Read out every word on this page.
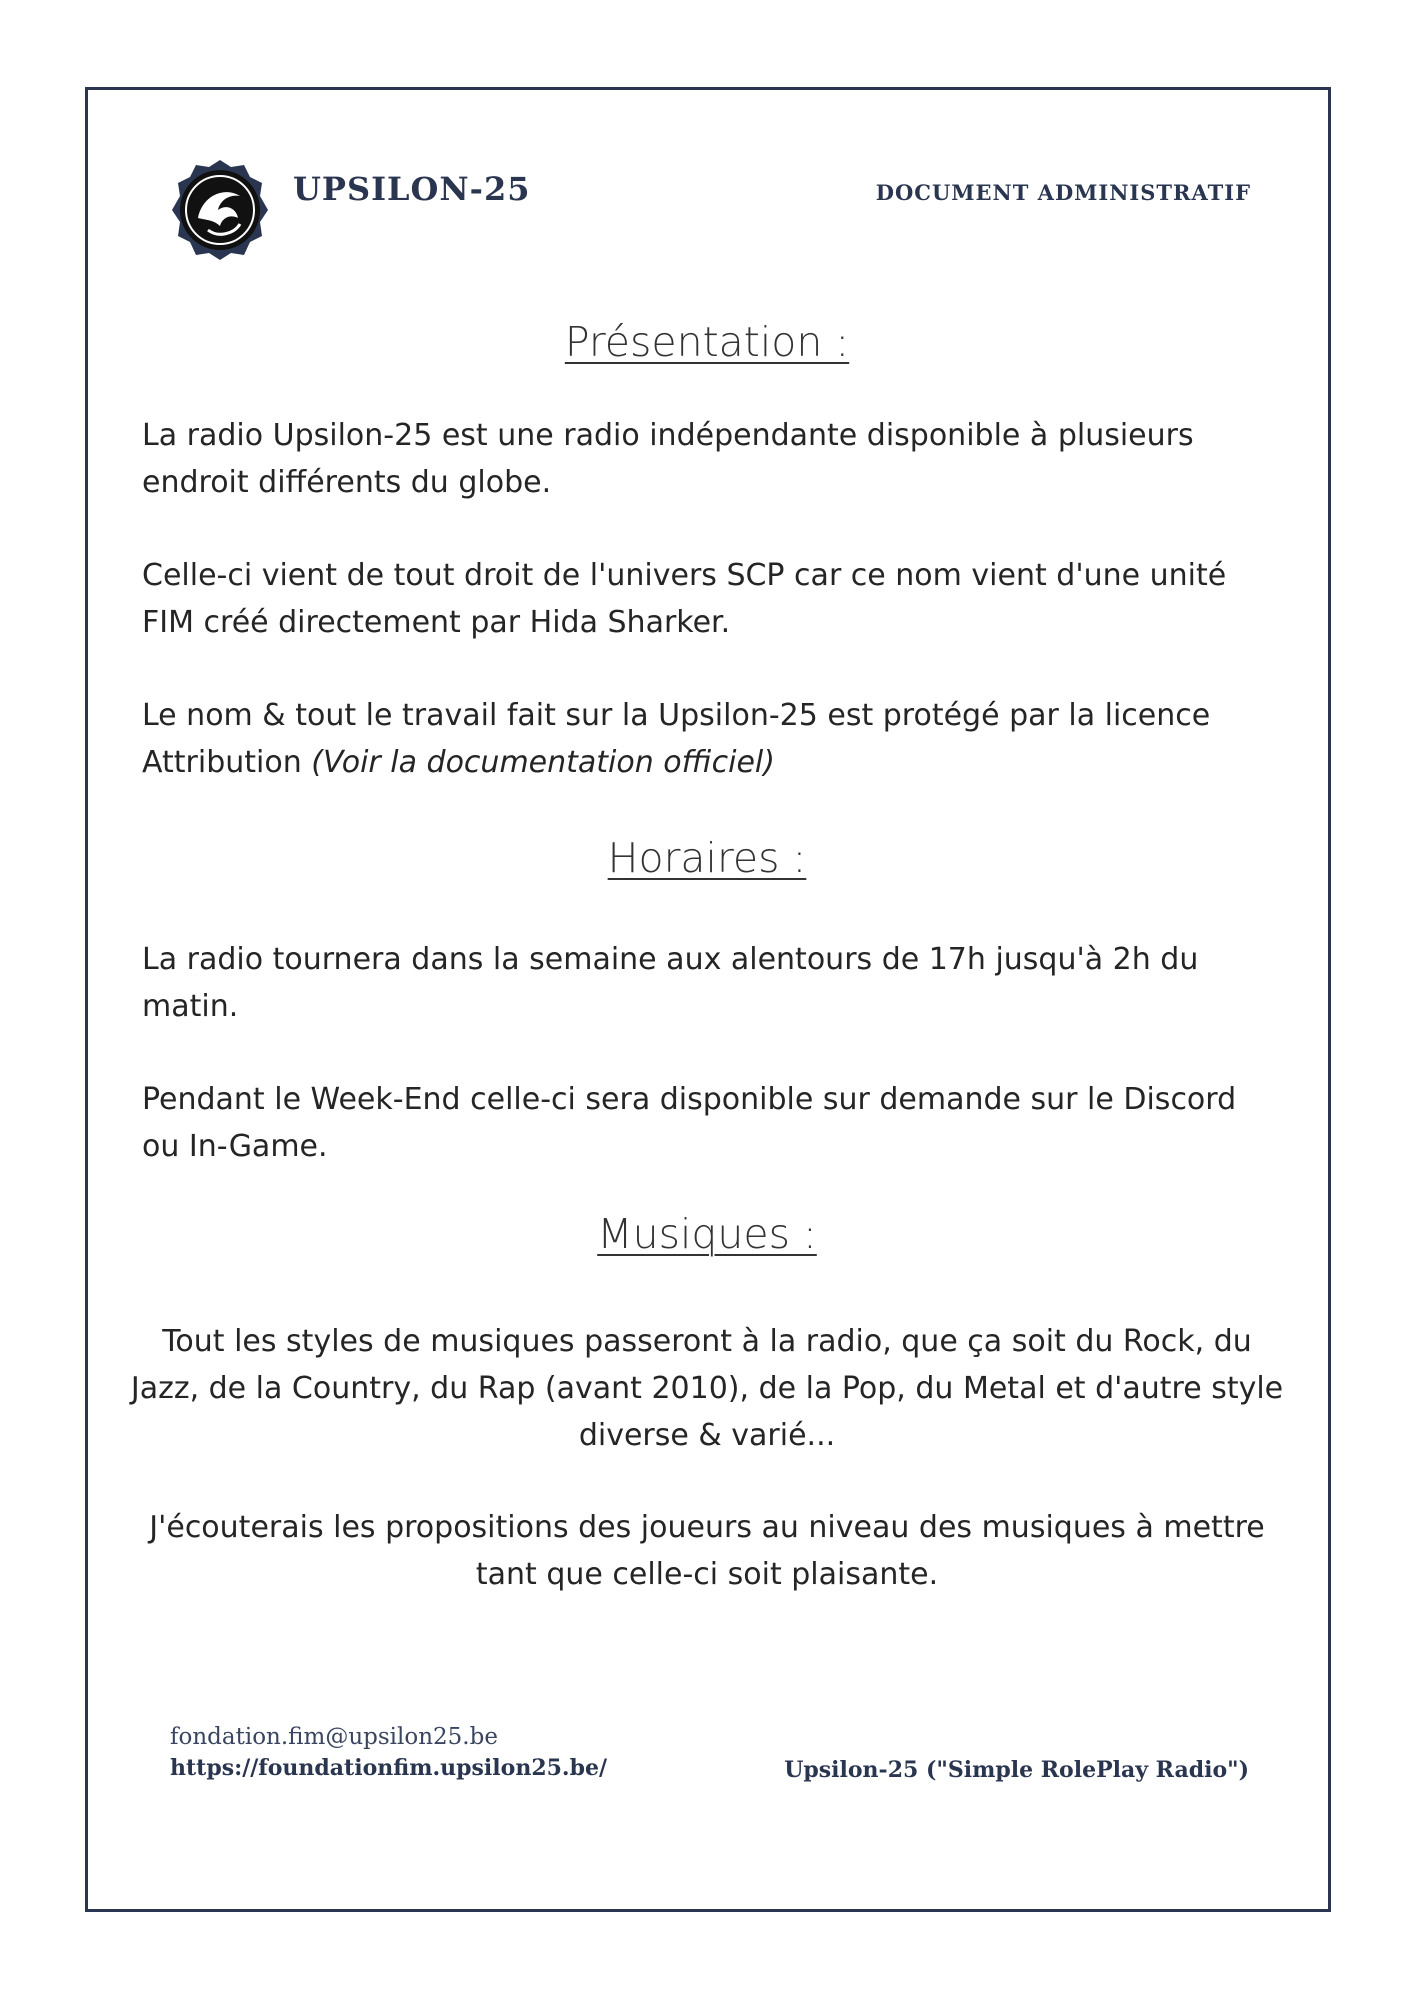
UPSILON-25	DOCUMENT ADMINISTRATIF
Présentation :
La radio Upsilon-25 est une radio indépendante disponible à plusieurs endroit différents du globe.
Celle-ci vient de tout droit de l'univers SCP car ce nom vient d'une unité FIM créé directement par Hida Sharker.
Le nom & tout le travail fait sur la Upsilon-25 est protégé par la licence Attribution (Voir la documentation officiel)
Horaires :
La radio tournera dans la semaine aux alentours de 17h jusqu'à 2h du matin.
Pendant le Week-End celle-ci sera disponible sur demande sur le Discord ou In-Game.
Musiques :
Tout les styles de musiques passeront à la radio, que ça soit du Rock, du Jazz, de la Country, du Rap (avant 2010), de la Pop, du Metal et d'autre style diverse & varié...
J'écouterais les propositions des joueurs au niveau des musiques à mettre tant que celle-ci soit plaisante.
fondation.fim@upsilon25.be
https://foundationfim.upsilon25.be/	Upsilon-25 ("Simple RolePlay Radio")
